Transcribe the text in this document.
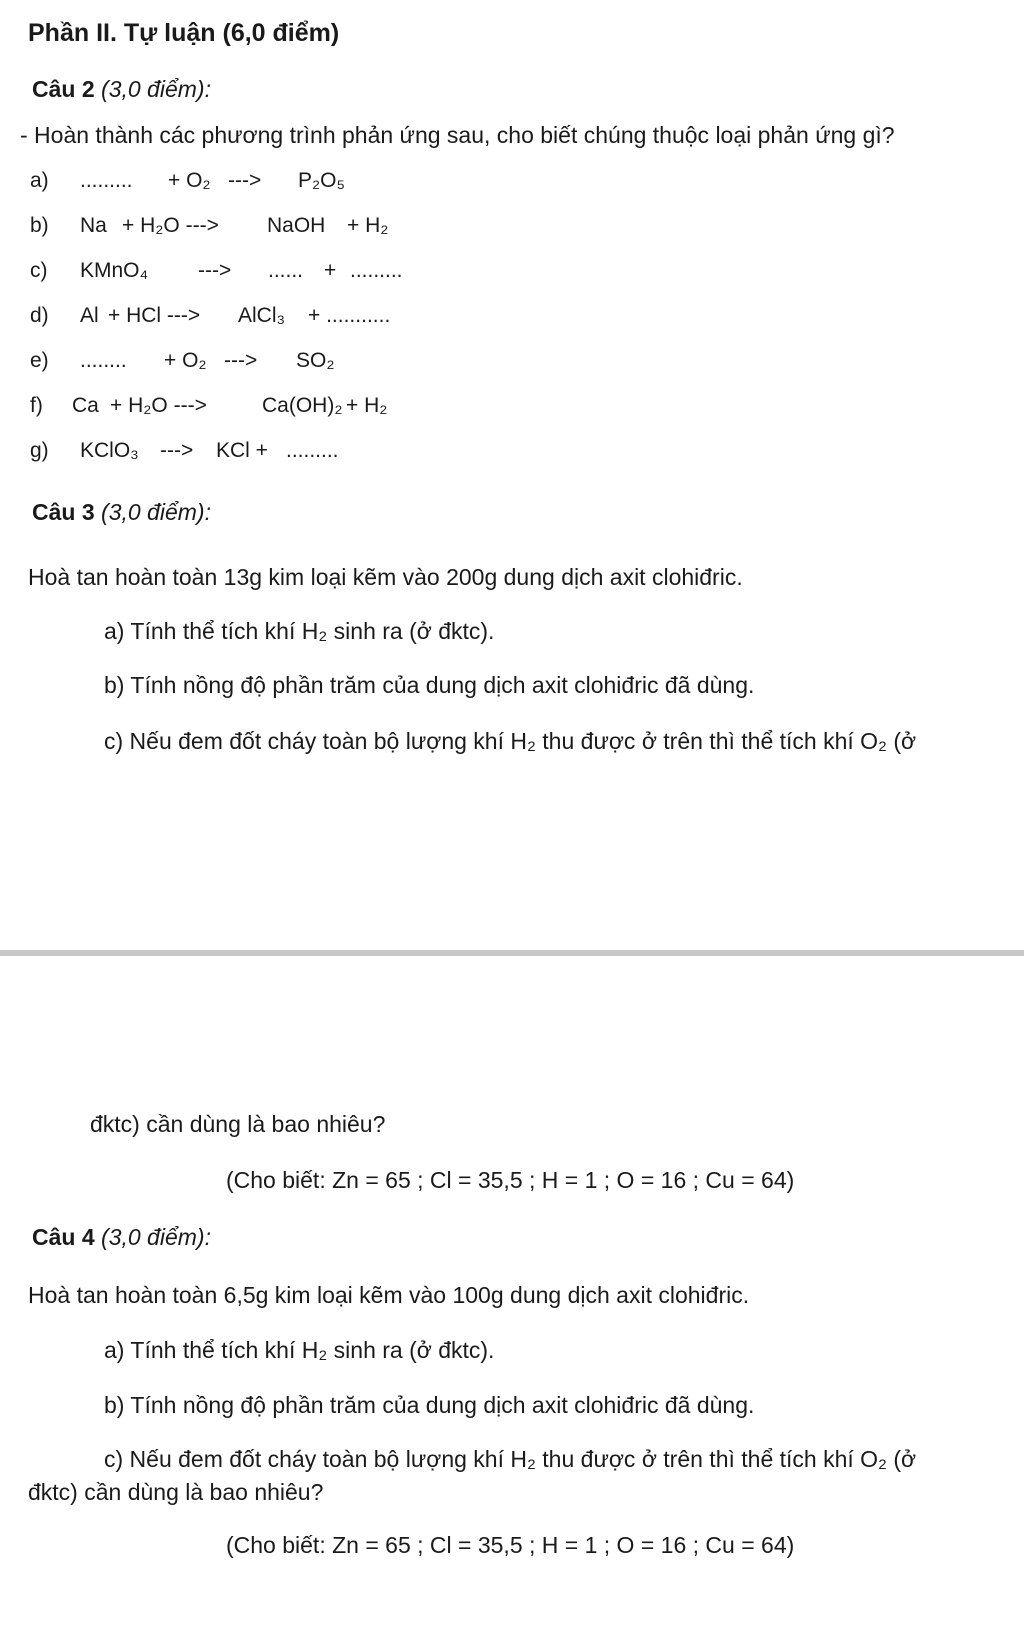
Phần II. Tự luận (6,0 điểm)
Câu 2 (3,0 điểm):
- Hoàn thành các phương trình phản ứng sau, cho biết chúng thuộc loại phản ứng gì?
a)	.........	+ O₂ --->	P₂O₅
b)	Na + H₂O --->	NaOH	+ H₂
c)	KMnO₄	--->	...... + .........
d)	Al + HCl --->	AlCl₃	+ ...........
e)	........	+ O₂ --->	SO₂
f)	Ca + H₂O --->	Ca(OH)₂ + H₂
g)	KClO₃	--->	KCl + .........
Câu 3 (3,0 điểm):
Hoà tan hoàn toàn 13g kim loại kẽm vào 200g dung dịch axit clohiđric.
a) Tính thể tích khí H₂ sinh ra (ở đktc).
b) Tính nồng độ phần trăm của dung dịch axit clohiđric đã dùng.
c) Nếu đem đốt cháy toàn bộ lượng khí H₂ thu được ở trên thì thể tích khí O₂ (ở
đktc) cần dùng là bao nhiêu?
(Cho biết: Zn = 65 ; Cl = 35,5 ; H = 1 ; O = 16 ; Cu = 64)
Câu 4 (3,0 điểm):
Hoà tan hoàn toàn 6,5g kim loại kẽm vào 100g dung dịch axit clohiđric.
a) Tính thể tích khí H₂ sinh ra (ở đktc).
b) Tính nồng độ phần trăm của dung dịch axit clohiđric đã dùng.
c) Nếu đem đốt cháy toàn bộ lượng khí H₂ thu được ở trên thì thể tích khí O₂ (ở
đktc) cần dùng là bao nhiêu?
(Cho biết: Zn = 65 ; Cl = 35,5 ; H = 1 ; O = 16 ; Cu = 64)
